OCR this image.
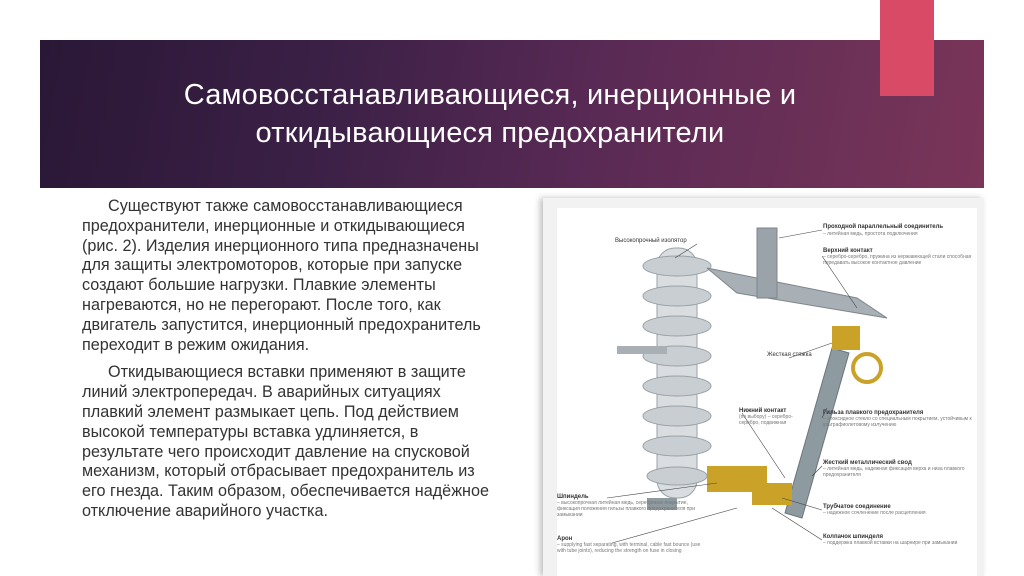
Самовосстанавливающиеся, инерционные и
откидывающиеся предохранители

Существуют также самовосстанавливающиеся предохранители, инерционные и откидывающиеся (рис. 2). Изделия инерционного типа предназначены для защиты электромоторов, которые при запуске создают большие нагрузки. Плавкие элементы нагреваются, но не перегорают. После того, как двигатель запустится, инерционный предохранитель переходит в режим ожидания.

Откидывающиеся вставки применяют в защите линий электропередач. В аварийных ситуациях плавкий элемент размыкает цепь. Под действием высокой температуры вставка удлиняется, в результате чего происходит давление на спусковой механизм, который отбрасывает предохранитель из его гнезда. Таким образом, обеспечивается надёжное отключение аварийного участка.

Высокопрочный изолятор
Проходной параллельный соединитель
– литейная медь, простота подключения
Верхний контакт
– серебро-серебро, пружина из нержавеющей стали способная передавать высокое контактное давление
Жесткая стяжка
Нижний контакт
(по выбору) – серебро-серебро, подвижная
Гильза плавкого предохранителя
– эпоксидное стекло со специальным покрытием, устойчивым к ультрафиолетовому излучению
Жесткий металлический свод
– литейная медь, надежная фиксация верха и низа плавкого предохранителя
Шпиндель
– высокопрочная литейная медь, серебряное покрытие, фиксация положения гильзы плавкого предохранителя при замыкании
Трубчатое соединение
– надежное сочленение после расцепления
Арон
– supplying fast separating, with terminal, cable fast bounce (use with tube joints), reducing the strength on fuse in closing
Колпачок шпинделя
– поддержка плавкой вставки на шарнире при замыкании
